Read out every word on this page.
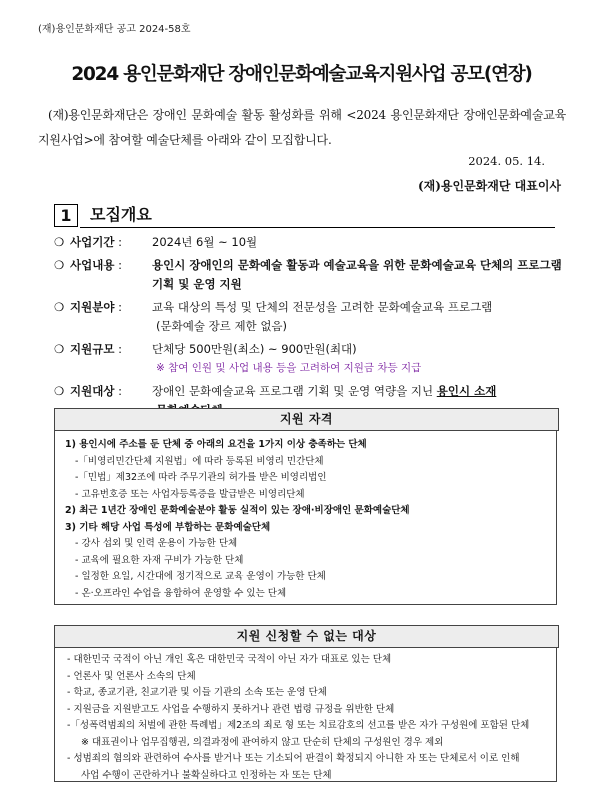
(재)용인문화재단 공고 2024-58호
2024 용인문화재단 장애인문화예술교육지원사업 공모(연장)
(재)용인문화재단은 장애인 문화예술 활동 활성화를 위해 <2024 용인문화재단 장애인문화예술교육지원사업>에 참여할 예술단체를 아래와 같이 모집합니다.
2024. 05. 14.
(재)용인문화재단 대표이사
1	모집개요
❍ 사업기간 :	2024년 6월 ~ 10월
❍ 사업내용 :	용인시 장애인의 문화예술 활동과 예술교육을 위한 문화예술교육 단체의 프로그램 기획 및 운영 지원
❍ 지원분야 :	교육 대상의 특성 및 단체의 전문성을 고려한 문화예술교육 프로그램
(문화예술 장르 제한 없음)
❍ 지원규모 :	단체당 500만원(최소) ~ 900만원(최대)
※ 참여 인원 및 사업 내용 등을 고려하여 지원금 차등 지급
❍ 지원대상 :	장애인 문화예술교육 프로그램 기획 및 운영 역량을 지닌 용인시 소재
지원 자격
1) 용인시에 주소를 둔 단체 중 아래의 요건을 1가지 이상 충족하는 단체
-「비영리민간단체 지원법」에 따라 등록된 비영리 민간단체
-「민법」제32조에 따라 주무기관의 허가를 받은 비영리법인
- 고유번호증 또는 사업자등록증을 발급받은 비영리단체
2) 최근 1년간 장애인 문화예술분야 활동 실적이 있는 장애·비장애인 문화예술단체
3) 기타 해당 사업 특성에 부합하는 문화예술단체
- 강사 섭외 및 인력 운용이 가능한 단체
- 교육에 필요한 자재 구비가 가능한 단체
- 일정한 요일, 시간대에 정기적으로 교육 운영이 가능한 단체
- 온·오프라인 수업을 융합하여 운영할 수 있는 단체
지원 신청할 수 없는 대상
- 대한민국 국적이 아닌 개인 혹은 대한민국 국적이 아닌 자가 대표로 있는 단체
- 언론사 및 언론사 소속의 단체
- 학교, 종교기관, 친교기관 및 이들 기관의 소속 또는 운영 단체
- 지원금을 지원받고도 사업을 수행하지 못하거나 관련 법령 규정을 위반한 단체
-「성폭력범죄의 처벌에 관한 특례법」제2조의 죄로 형 또는 치료감호의 선고를 받은 자가 구성원에 포함된 단체
※ 대표권이나 업무집행권, 의결과정에 관여하지 않고 단순히 단체의 구성원인 경우 제외
- 성범죄의 혐의와 관련하여 수사를 받거나 또는 기소되어 판결이 확정되지 아니한 자 또는 단체로서 이로 인해
사업 수행이 곤란하거나 불확실하다고 인정하는 자 또는 단체
